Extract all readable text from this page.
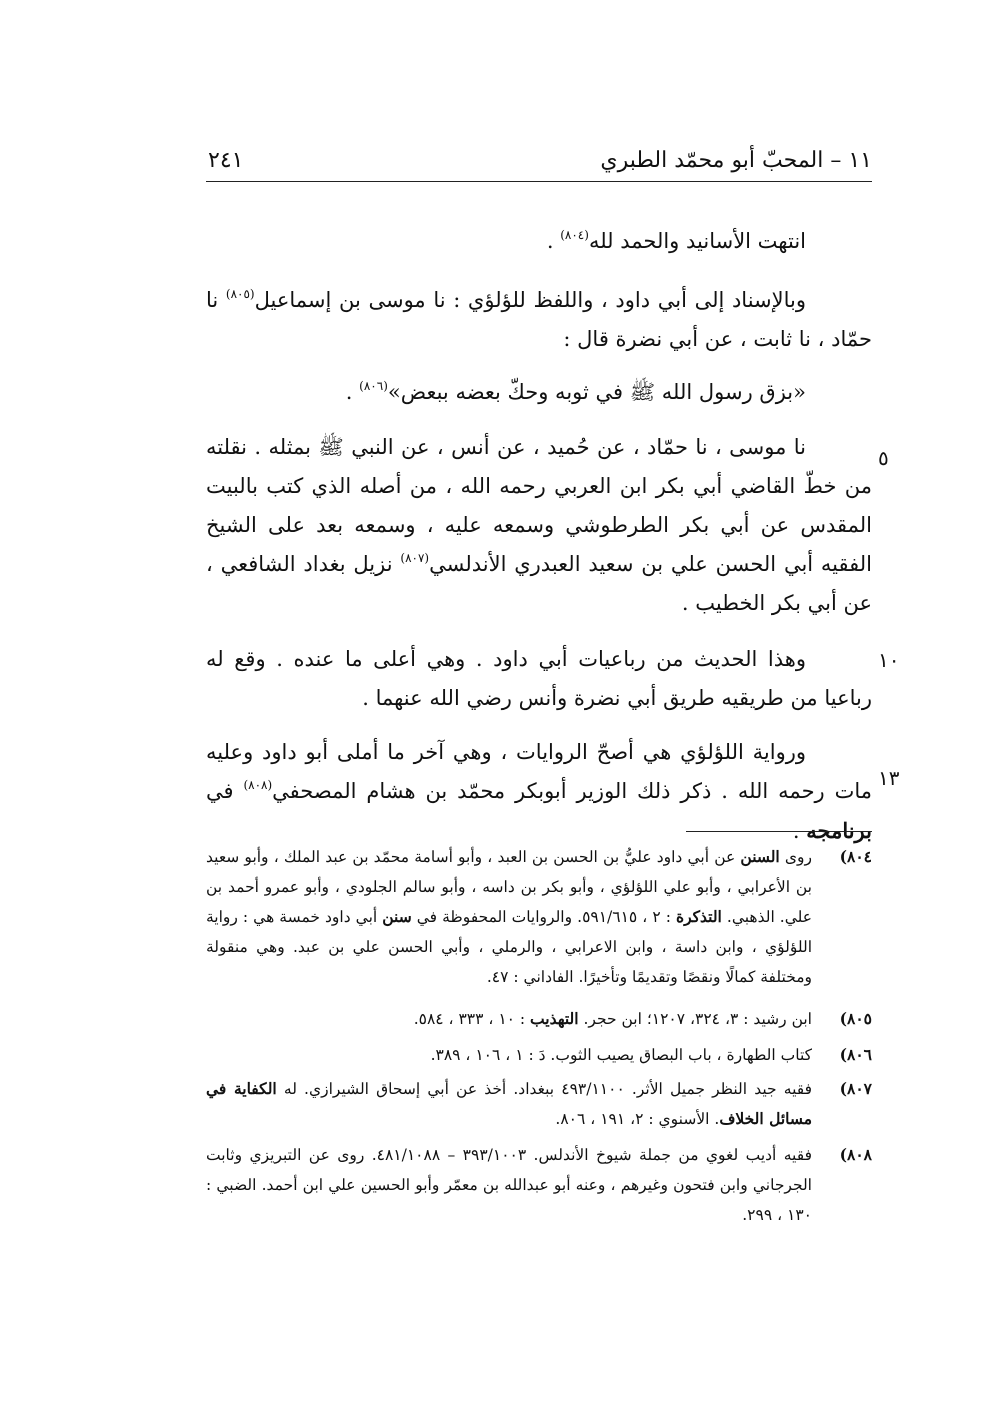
١١ – المحبّ أبو محمّد الطبري
٢٤١

انتهت الأسانيد والحمد لله$^{(٨٠٤)}$ .

وبالإسناد إلى أبي داود ، واللفظ للؤلؤي : نا موسى بن إسماعيل$^{(٨٠٥)}$ نا حمّاد ، نا ثابت ، عن أبي نضرة قال :

«بزق رسول الله ﷺ في ثوبه وحكّ بعضه ببعض»$^{(٨٠٦)}$ .

٥

نا موسى ، نا حمّاد ، عن حُميد ، عن أنس ، عن النبي ﷺ بمثله . نقلته من خطّ القاضي أبي بكر ابن العربي رحمه الله ، من أصله الذي كتب بالبيت المقدس عن أبي بكر الطرطوشي وسمعه عليه ، وسمعه بعد على الشيخ الفقيه أبي الحسن علي بن سعيد العبدري الأندلسي$^{(٨٠٧)}$ نزيل بغداد الشافعي ، عن أبي بكر الخطيب .

١٠

وهذا الحديث من رباعيات أبي داود . وهي أعلى ما عنده . وقع له رباعيا من طريقيه طريق أبي نضرة وأنس رضي الله عنهما .

١٣

ورواية اللؤلؤي هي أصحّ الروايات ، وهي آخر ما أملى أبو داود وعليه مات رحمه الله . ذكر ذلك الوزير أبوبكر محمّد بن هشام المصحفي$^{(٨٠٨)}$ في برنامجه .

٨٠٤)
روى السنن عن أبي داود عليُّ بن الحسن بن العبد ، وأبو أسامة محمّد بن عبد الملك ، وأبو سعيد بن الأعرابي ، وأبو علي اللؤلؤي ، وأبو بكر بن داسه ، وأبو سالم الجلودي ، وأبو عمرو أحمد بن علي. الذهبي. التذكرة : ٢ ، ٥٩١/٦١٥. والروايات المحفوظة في سنن أبي داود خمسة هي : رواية اللؤلؤي ، وابن داسة ، وابن الاعرابي ، والرملي ، وأبي الحسن علي بن عبد. وهي منقولة ومختلفة كمالًا ونقصًا وتقديمًا وتأخيرًا. الفاداني : ٤٧.
٨٠٥)
ابن رشيد : ٣، ٣٢٤، ١٢٠٧؛ ابن حجر. التهذيب : ١٠ ، ٣٣٣ ، ٥٨٤.
٨٠٦)
كتاب الطهارة ، باب البصاق يصيب الثوب. دَ : ١ ، ١٠٦ ، ٣٨٩.
٨٠٧)
فقيه جيد النظر جميل الأثر. ٤٩٣/١١٠٠ ببغداد. أخذ عن أبي إسحاق الشيرازي. له الكفاية في مسائل الخلاف. الأسنوي : ٢، ١٩١ ، ٨٠٦.
٨٠٨)
فقيه أديب لغوي من جملة شيوخ الأندلس. ٣٩٣/١٠٠٣ – ٤٨١/١٠٨٨. روى عن التبريزي وثابت الجرجاني وابن فتحون وغيرهم ، وعنه أبو عبدالله بن معمّر وأبو الحسين علي ابن أحمد. الضبي : ١٣٠ ، ٢٩٩.
